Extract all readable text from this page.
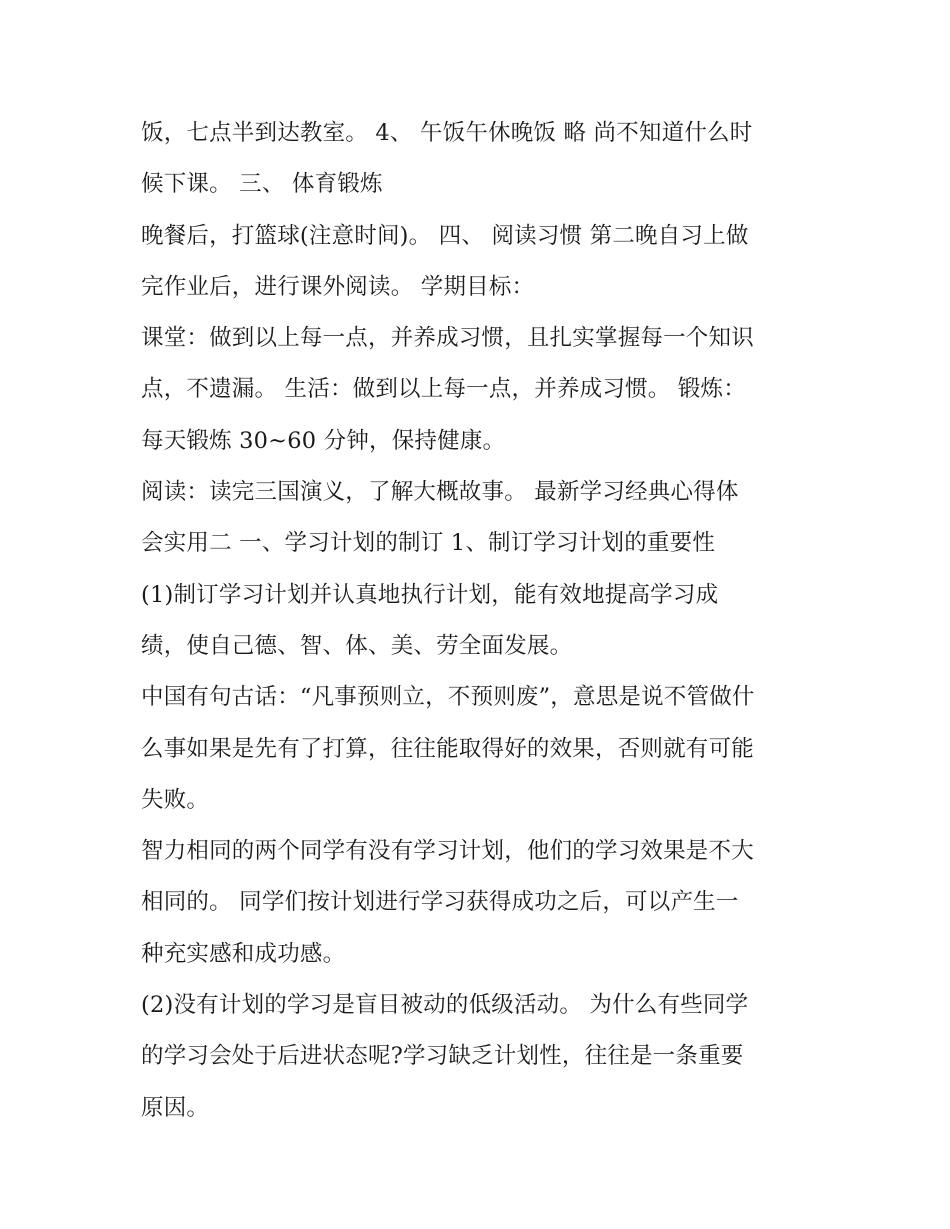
饭，七点半到达教室。 4、 午饭午休晚饭 略 尚不知道什么时
候下课。 三、 体育锻炼

晚餐后，打篮球(注意时间)。 四、 阅读习惯 第二晚自习上做
完作业后，进行课外阅读。 学期目标：

课堂：做到以上每一点，并养成习惯，且扎实掌握每一个知识
点，不遗漏。 生活：做到以上每一点，并养成习惯。 锻炼：
每天锻炼 30~60 分钟，保持健康。

阅读：读完三国演义，了解大概故事。 最新学习经典心得体
会实用二 一、学习计划的制订 1、制订学习计划的重要性

(1)制订学习计划并认真地执行计划，能有效地提高学习成
绩，使自己德、智、体、美、劳全面发展。

中国有句古话：“凡事预则立，不预则废”，意思是说不管做什
么事如果是先有了打算，往往能取得好的效果，否则就有可能
失败。

智力相同的两个同学有没有学习计划，他们的学习效果是不大
相同的。 同学们按计划进行学习获得成功之后，可以产生一
种充实感和成功感。

(2)没有计划的学习是盲目被动的低级活动。 为什么有些同学
的学习会处于后进状态呢?学习缺乏计划性，往往是一条重要
原因。
